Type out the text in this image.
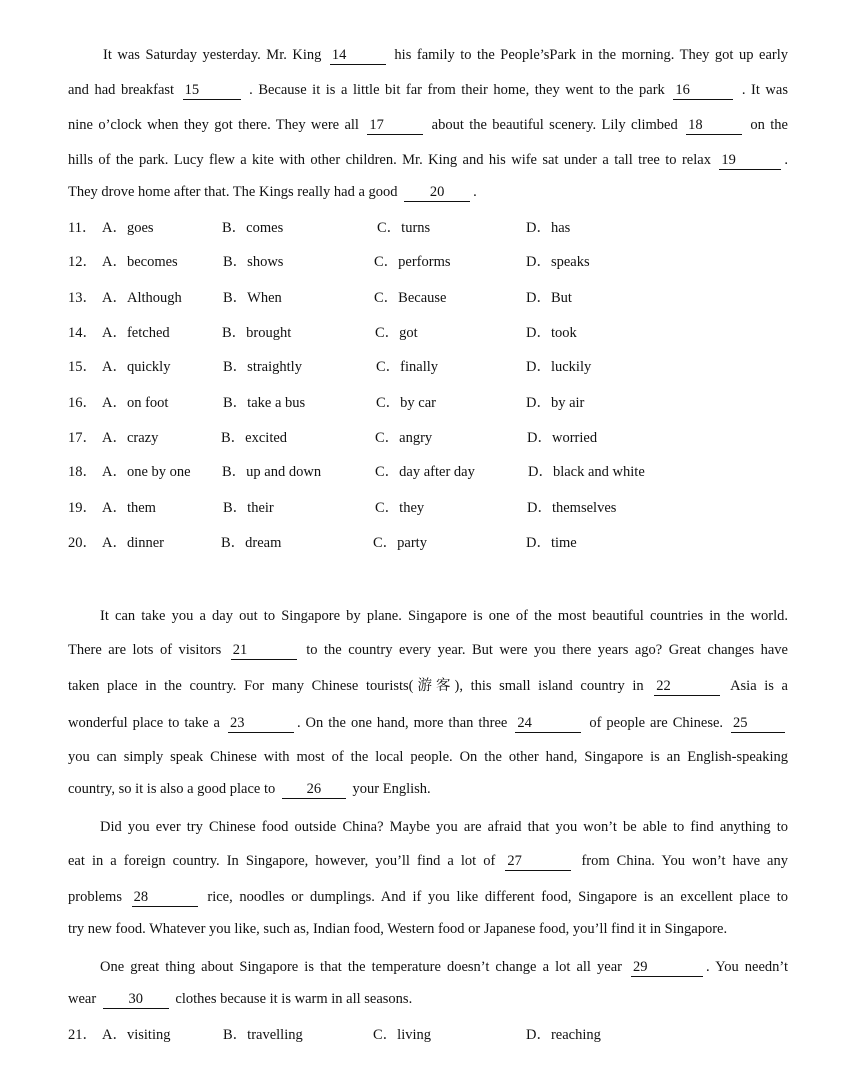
It was Saturday yesterday. Mr. King 14	his family to the People’sPark in the morning. They got up early
and had breakfast 15	. Because it is a little bit far from their home, they went to the park 16	. It was
nine o’clock when they got there. They were all 17	about the beautiful scenery. Lily climbed 18	on the
hills of the park. Lucy flew a kite with other children. Mr. King and his wife sat under a tall tree to relax 19	.
They drove home after that. The Kings really had a good 20 .
11． A．goes	B．comes	C．turns	D．has
12． A．becomes	B．shows	C．performs	D．speaks
13． A．Although	B．When	C．Because	D．But
14． A．fetched	B．brought	C．got	D．took
15． A．quickly	B．straightly	C．finally	D．luckily
16． A．on foot	B．take a bus	C．by car	D．by air
17． A．crazy	B．excited	C．angry	D．worried
18． A．one by one B．up and down	C．day after day	D．black and white
19． A．them	B．their	C．they	D．themselves
20． A．dinner	B．dream	C．party	D．time
It can take you a day out to Singapore by plane. Singapore is one of the most beautiful countries in the world.
There are lots of visitors 21	to the country every year. But were you there years ago? Great changes have
taken place in the country. For many Chinese tourists(游客), this small island country in 22	Asia is a
wonderful place to take a 23	. On the one hand, more than three 24	of people are Chinese. 25
you can simply speak Chinese with most of the local people. On the other hand, Singapore is an English-speaking
country, so it is also a good place to 26 your English.
Did you ever try Chinese food outside China? Maybe you are afraid that you won’t be able to find anything to
eat in a foreign country. In Singapore, however, you’ll find a lot of 27	from China. You won’t have any
problems 28	rice, noodles or dumplings. And if you like different food, Singapore is an excellent place to
try new food. Whatever you like, such as, Indian food, Western food or Japanese food, you’ll find it in Singapore.
One great thing about Singapore is that the temperature doesn’t change a lot all year 29	. You needn’t
wear 30 clothes because it is warm in all seasons.
21． A．visiting	B．travelling	C．living	D．reaching
